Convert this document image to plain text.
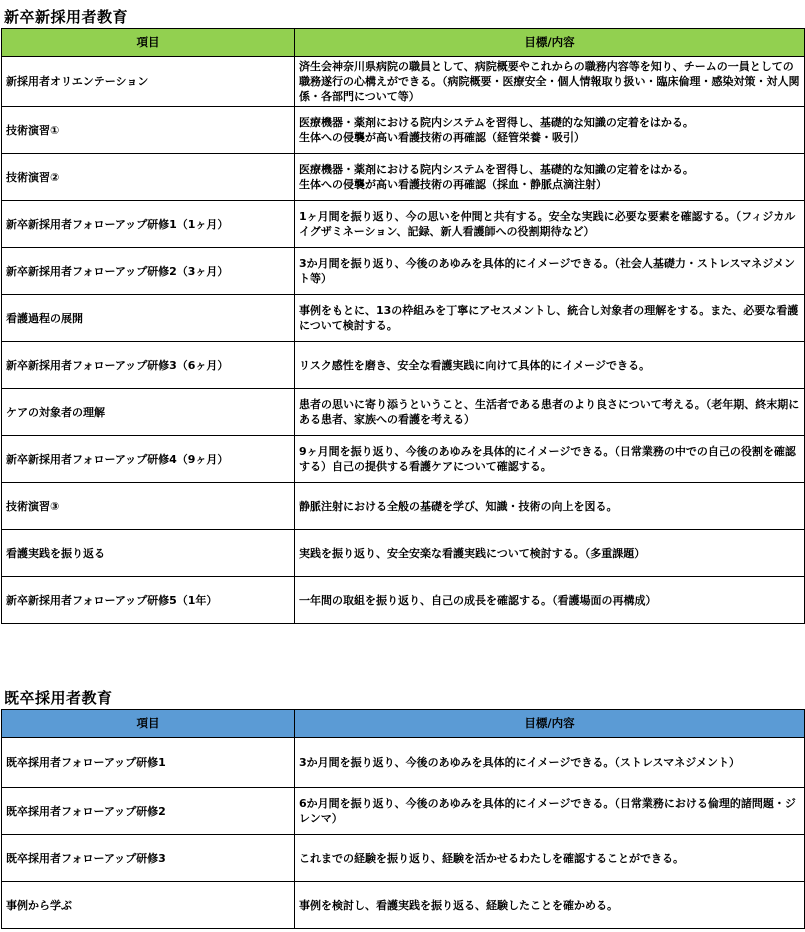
新卒新採用者教育
項目	目標/内容
新採用者オリエンテーション	済生会神奈川県病院の職員として、病院概要やこれからの職務内容等を知り、チームの一員としての職務遂行の心構えができる。（病院概要・医療安全・個人情報取り扱い・臨床倫理・感染対策・対人関係・各部門について等）
技術演習①	医療機器・薬剤における院内システムを習得し、基礎的な知識の定着をはかる。
生体への侵襲が高い看護技術の再確認（経管栄養・吸引）
技術演習②	医療機器・薬剤における院内システムを習得し、基礎的な知識の定着をはかる。
生体への侵襲が高い看護技術の再確認（採血・静脈点滴注射）
新卒新採用者フォローアップ研修1（1ヶ月）	1ヶ月間を振り返り、今の思いを仲間と共有する。安全な実践に必要な要素を確認する。（フィジカルイグザミネーション、記録、新人看護師への役割期待など）
新卒新採用者フォローアップ研修2（3ヶ月）	3か月間を振り返り、今後のあゆみを具体的にイメージできる。（社会人基礎力・ストレスマネジメント等）
看護過程の展開	事例をもとに、13の枠組みを丁寧にアセスメントし、統合し対象者の理解をする。また、必要な看護について検討する。
新卒新採用者フォローアップ研修3（6ヶ月）	リスク感性を磨き、安全な看護実践に向けて具体的にイメージできる。
ケアの対象者の理解	患者の思いに寄り添うということ、生活者である患者のより良さについて考える。（老年期、終末期にある患者、家族への看護を考える）
新卒新採用者フォローアップ研修4（9ヶ月）	9ヶ月間を振り返り、今後のあゆみを具体的にイメージできる。（日常業務の中での自己の役割を確認する）自己の提供する看護ケアについて確認する。
技術演習③	静脈注射における全般の基礎を学び、知識・技術の向上を図る。
看護実践を振り返る	実践を振り返り、安全安楽な看護実践について検討する。（多重課題）
新卒新採用者フォローアップ研修5（1年）	一年間の取組を振り返り、自己の成長を確認する。（看護場面の再構成）
既卒採用者教育
項目	目標/内容
既卒採用者フォローアップ研修1	3か月間を振り返り、今後のあゆみを具体的にイメージできる。（ストレスマネジメント）
既卒採用者フォローアップ研修2	6か月間を振り返り、今後のあゆみを具体的にイメージできる。（日常業務における倫理的諸問題・ジレンマ）
既卒採用者フォローアップ研修3	これまでの経験を振り返り、経験を活かせるわたしを確認することができる。
事例から学ぶ	事例を検討し、看護実践を振り返る、経験したことを確かめる。
